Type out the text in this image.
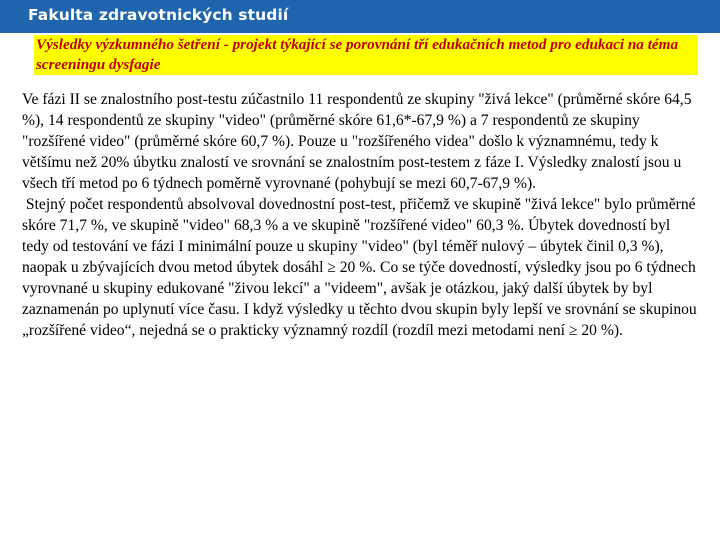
Fakulta zdravotnických studií
Výsledky výzkumného šetření - projekt týkající se porovnání tří edukačních metod pro edukaci na téma screeningu dysfagie

Ve fázi II se znalostního post-testu zúčastnilo 11 respondentů ze skupiny "živá lekce" (průměrné skóre 64,5 %), 14 respondentů ze skupiny "video" (průměrné skóre 61,6*-67,9 %) a 7 respondentů ze skupiny "rozšířené video" (průměrné skóre 60,7 %). Pouze u "rozšířeného videa" došlo k významnému, tedy k většímu než 20% úbytku znalostí ve srovnání se znalostním post-testem z fáze I. Výsledky znalostí jsou u všech tří metod po 6 týdnech poměrně vyrovnané (pohybují se mezi 60,7-67,9 %).

Stejný počet respondentů absolvoval dovednostní post-test, přičemž ve skupině "živá lekce" bylo průměrné skóre 71,7 %, ve skupině "video" 68,3 % a ve skupině "rozšířené video" 60,3 %. Úbytek dovedností byl tedy od testování ve fázi I minimální pouze u skupiny "video" (byl téměř nulový – úbytek činil 0,3 %), naopak u zbývajících dvou metod úbytek dosáhl ≥ 20 %. Co se týče dovedností, výsledky jsou po 6 týdnech vyrovnané u skupiny edukované "živou lekcí" a "videem", avšak je otázkou, jaký další úbytek by byl zaznamenán po uplynutí více času. I když výsledky u těchto dvou skupin byly lepší ve srovnání se skupinou „rozšířené video“, nejedná se o prakticky významný rozdíl (rozdíl mezi metodami není ≥ 20 %).
